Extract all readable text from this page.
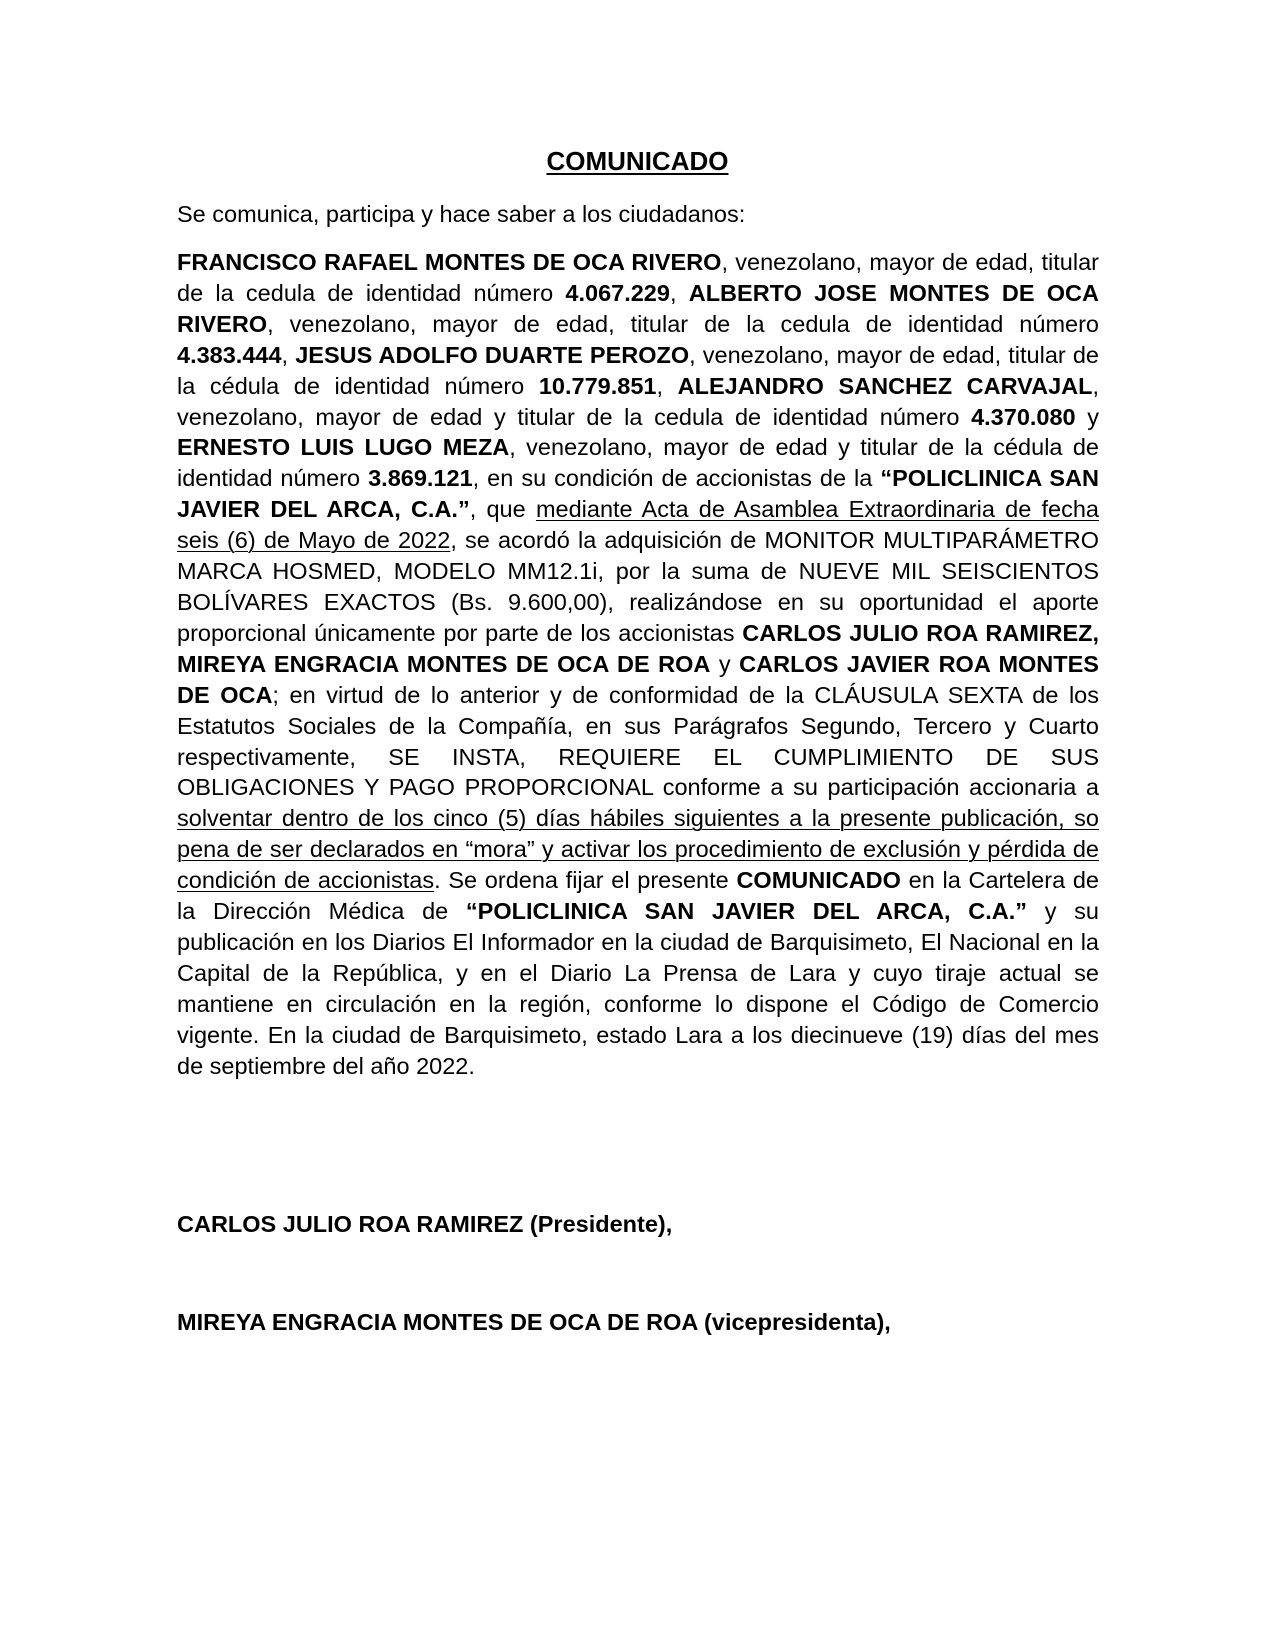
COMUNICADO
Se comunica, participa y hace saber a los ciudadanos:
FRANCISCO RAFAEL MONTES DE OCA RIVERO, venezolano, mayor de edad, titular de la cedula de identidad número 4.067.229, ALBERTO JOSE MONTES DE OCA RIVERO, venezolano, mayor de edad, titular de la cedula de identidad número 4.383.444, JESUS ADOLFO DUARTE PEROZO, venezolano, mayor de edad, titular de la cédula de identidad número 10.779.851, ALEJANDRO SANCHEZ CARVAJAL, venezolano, mayor de edad y titular de la cedula de identidad número 4.370.080 y ERNESTO LUIS LUGO MEZA, venezolano, mayor de edad y titular de la cédula de identidad número 3.869.121, en su condición de accionistas de la “POLICLINICA SAN JAVIER DEL ARCA, C.A.”, que mediante Acta de Asamblea Extraordinaria de fecha seis (6) de Mayo de 2022, se acordó la adquisición de MONITOR MULTIPARÁMETRO MARCA HOSMED, MODELO MM12.1i, por la suma de NUEVE MIL SEISCIENTOS BOLÍVARES EXACTOS (Bs. 9.600,00), realizándose en su oportunidad el aporte proporcional únicamente por parte de los accionistas CARLOS JULIO ROA RAMIREZ, MIREYA ENGRACIA MONTES DE OCA DE ROA y CARLOS JAVIER ROA MONTES DE OCA; en virtud de lo anterior y de conformidad de la CLÁUSULA SEXTA de los Estatutos Sociales de la Compañía, en sus Parágrafos Segundo, Tercero y Cuarto respectivamente, SE INSTA, REQUIERE EL CUMPLIMIENTO DE SUS OBLIGACIONES Y PAGO PROPORCIONAL conforme a su participación accionaria a solventar dentro de los cinco (5) días hábiles siguientes a la presente publicación, so pena de ser declarados en “mora” y activar los procedimiento de exclusión y pérdida de condición de accionistas. Se ordena fijar el presente COMUNICADO en la Cartelera de la Dirección Médica de “POLICLINICA SAN JAVIER DEL ARCA, C.A.” y su publicación en los Diarios El Informador en la ciudad de Barquisimeto, El Nacional en la Capital de la República, y en el Diario La Prensa de Lara y cuyo tiraje actual se mantiene en circulación en la región, conforme lo dispone el Código de Comercio vigente. En la ciudad de Barquisimeto, estado Lara a los diecinueve (19) días del mes de septiembre del año 2022.
CARLOS JULIO ROA RAMIREZ (Presidente),
MIREYA ENGRACIA MONTES DE OCA DE ROA (vicepresidenta),
